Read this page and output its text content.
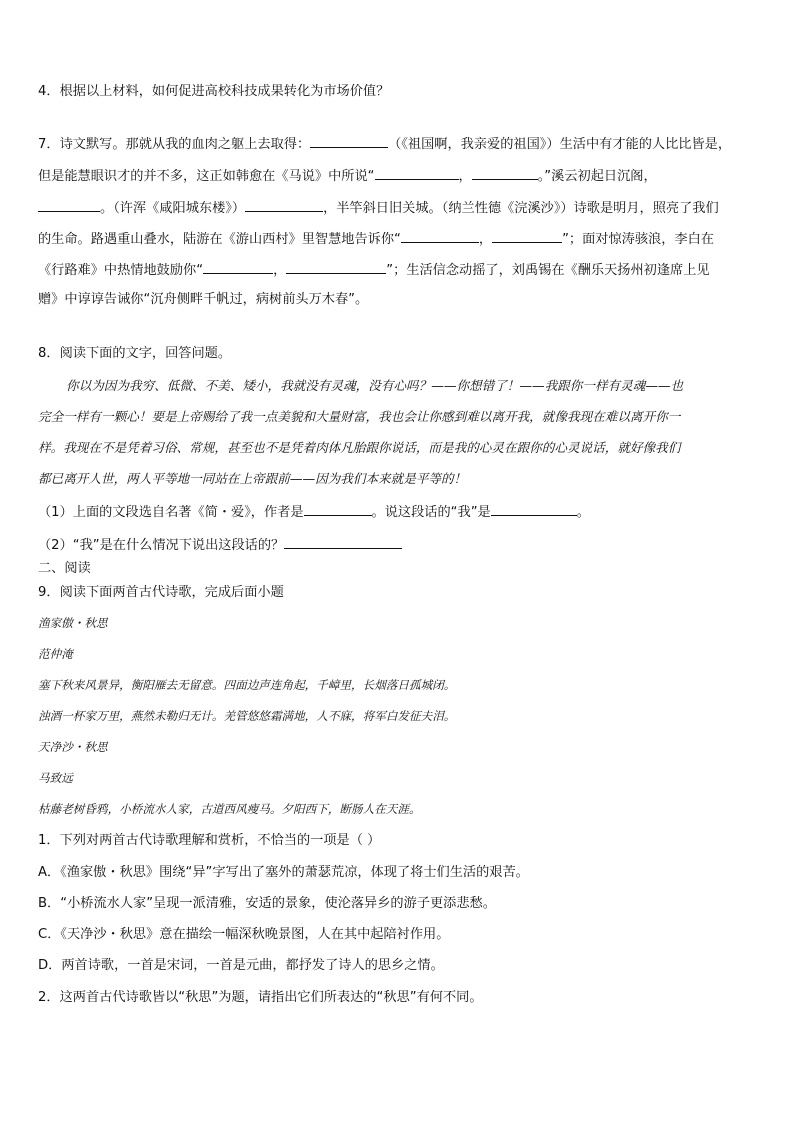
4．根据以上材料，如何促进高校科技成果转化为市场价值？
7．诗文默写。那就从我的血肉之躯上去取得：	（《祖国啊，我亲爱的祖国》）生活中有才能的人比比皆是，
但是能慧眼识才的并不多，这正如韩愈在《马说》中所说“	，	。”溪云初起日沉阁，
。（许浑《咸阳城东楼》）	，半竿斜日旧关城。（纳兰性德《浣溪沙》）诗歌是明月，照亮了我们
的生命。路遇重山叠水，陆游在《游山西村》里智慧地告诉你“	，	”；面对惊涛骇浪，李白在
《行路难》中热情地鼓励你“	，	”；生活信念动摇了，刘禹锡在《酬乐天扬州初逢席上见
赠》中谆谆告诫你“沉舟侧畔千帆过，病树前头万木春”。
8．阅读下面的文字，回答问题。
你以为因为我穷、低微、不美、矮小，我就没有灵魂，没有心吗？——你想错了！——我跟你一样有灵魂——也
完全一样有一颗心！要是上帝赐给了我一点美貌和大量财富，我也会让你感到难以离开我，就像我现在难以离开你一
样。我现在不是凭着习俗、常规，甚至也不是凭着肉体凡胎跟你说话，而是我的心灵在跟你的心灵说话，就好像我们
都已离开人世，两人平等地一同站在上帝跟前——因为我们本来就是平等的！
（1）上面的文段选自名著《简・爱》，作者是	。说这段话的“我”是	。
（2）“我”是在什么情况下说出这段话的？
二、阅读
9．阅读下面两首古代诗歌，完成后面小题
渔家傲・秋思
范仲淹
塞下秋来风景异，衡阳雁去无留意。四面边声连角起，千嶂里，长烟落日孤城闭。
浊酒一杯家万里，燕然未勒归无计。羌管悠悠霜满地，人不寐，将军白发征夫泪。
天净沙・秋思
马致远
枯藤老树昏鸦，小桥流水人家，古道西风瘦马。夕阳西下，断肠人在天涯。
1．下列对两首古代诗歌理解和赏析，不恰当的一项是（ ）
A．《渔家傲・秋思》围绕“异”字写出了塞外的萧瑟荒凉，体现了将士们生活的艰苦。
B．“小桥流水人家”呈现一派清雅，安适的景象，使沦落异乡的游子更添悲愁。
C．《天净沙・秋思》意在描绘一幅深秋晚景图，人在其中起陪衬作用。
D．两首诗歌，一首是宋词，一首是元曲，都抒发了诗人的思乡之情。
2．这两首古代诗歌皆以“秋思”为题，请指出它们所表达的“秋思”有何不同。
